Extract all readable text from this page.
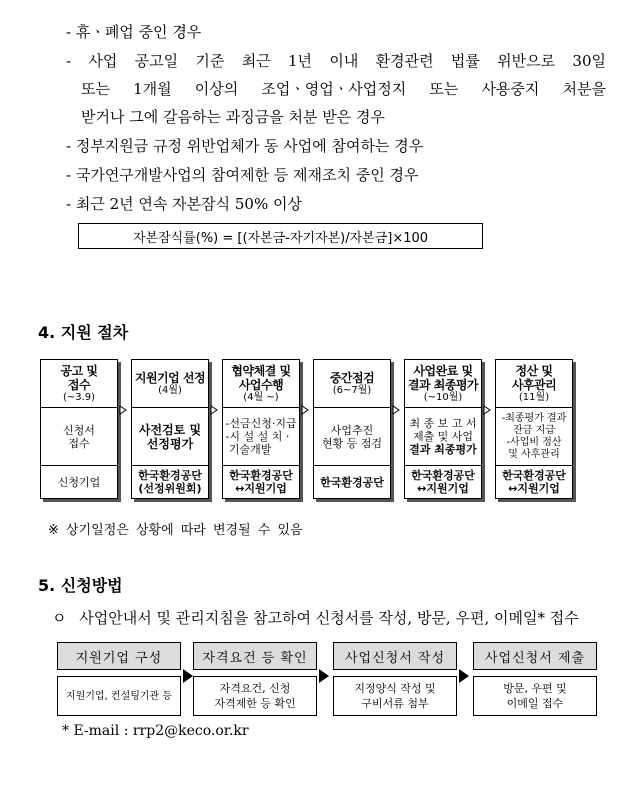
- 휴ㆍ폐업 중인 경우
- 사업 공고일 기준 최근 1년 이내 환경관련 법률 위반으로 30일
또는 1개월 이상의 조업ㆍ영업ㆍ사업정지 또는 사용중지 처분을
받거나 그에 갈음하는 과징금을 처분 받은 경우
- 정부지원금 규정 위반업체가 동 사업에 참여하는 경우
- 국가연구개발사업의 참여제한 등 제재조치 중인 경우
- 최근 2년 연속 자본잠식 50% 이상
자본잠식률(%) = [(자본금-자기자본)/자본금]×100
4. 지원 절차
공고 및
접수
(~3.9)
신청서
접수
신청기업
지원기업 선정
(4월)
사전검토 및
선정평가
한국환경공단
(선정위원회)
협약체결 및
사업수행
(4월 ~)
-선금신청·지급
-시 설 설 치 ·
기술개발
한국환경공단
↔지원기업
중간점검
(6~7월)
사업추진
현황 등 점검
한국환경공단
사업완료 및
결과 최종평가
(~10월)
최 종 보 고 서
제출 및 사업
결과 최종평가
한국환경공단
↔지원기업
정산 및
사후관리
(11월)
-최종평가 결과
잔금 지급
-사업비 정산
및 사후관리
한국환경공단
↔지원기업
※ 상기일정은 상황에 따라 변경될 수 있음
5. 신청방법
ㅇ 사업안내서 및 관리지침을 참고하여 신청서를 작성, 방문, 우편, 이메일* 접수
지원기업 구성
지원기업, 컨설팅기관 등
자격요건 등 확인
자격요건, 신청
자격제한 등 확인
사업신청서 작성
지정양식 작성 및
구비서류 첨부
사업신청서 제출
방문, 우편 및
이메일 접수
* E-mail : rrp2@keco.or.kr
